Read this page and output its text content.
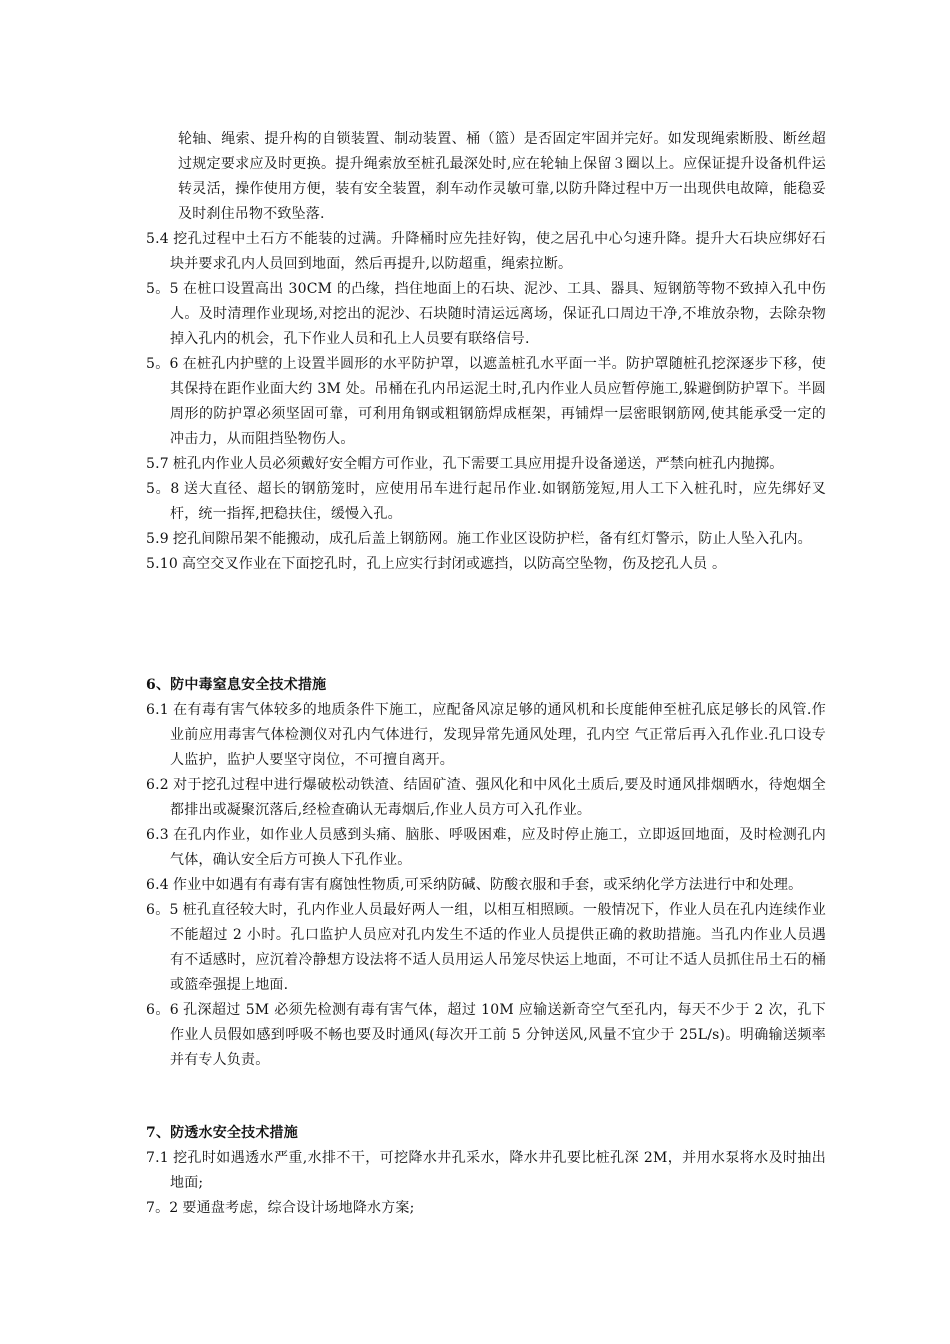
轮轴、绳索、提升构的自锁装置、制动装置、桶（篮）是否固定牢固并完好。如发现绳索断股、断丝超过规定要求应及时更换。提升绳索放至桩孔最深处时,应在轮轴上保留３圈以上。应保证提升设备机件运转灵活，操作使用方便，装有安全装置，刹车动作灵敏可靠,以防升降过程中万一出现供电故障，能稳妥及时刹住吊物不致坠落.
5.4 挖孔过程中土石方不能装的过满。升降桶时应先挂好钩，使之居孔中心匀速升降。提升大石块应绑好石块并要求孔内人员回到地面，然后再提升,以防超重，绳索拉断。
5。5 在桩口设置高出 30CM 的凸缘，挡住地面上的石块、泥沙、工具、器具、短钢筋等物不致掉入孔中伤人。及时清理作业现场,对挖出的泥沙、石块随时清运远离场，保证孔口周边干净,不堆放杂物，去除杂物掉入孔内的机会，孔下作业人员和孔上人员要有联络信号.
5。6 在桩孔内护壁的上设置半圆形的水平防护罩，以遮盖桩孔水平面一半。防护罩随桩孔挖深逐步下移，使其保持在距作业面大约 3M 处。吊桶在孔内吊运泥土时,孔内作业人员应暂停施工,躲避倒防护罩下。半圆周形的防护罩必须坚固可靠，可利用角钢或粗钢筋焊成框架，再铺焊一层密眼钢筋网,使其能承受一定的冲击力，从而阻挡坠物伤人。
5.7 桩孔内作业人员必须戴好安全帽方可作业，孔下需要工具应用提升设备递送，严禁向桩孔内抛掷。
5。8 送大直径、超长的钢筋笼时，应使用吊车进行起吊作业.如钢筋笼短,用人工下入桩孔时，应先绑好叉杆，统一指挥,把稳扶住，缓慢入孔。
5.9 挖孔间隙吊架不能搬动，成孔后盖上钢筋网。施工作业区设防护栏，备有红灯警示，防止人坠入孔内。
5.10 高空交叉作业在下面挖孔时，孔上应实行封闭或遮挡，以防高空坠物，伤及挖孔人员 。
6、防中毒窒息安全技术措施
6.1 在有毒有害气体较多的地质条件下施工，应配备风凉足够的通风机和长度能伸至桩孔底足够长的风管.作业前应用毒害气体检测仪对孔内气体进行，发现异常先通风处理，孔内空 气正常后再入孔作业.孔口设专人监护，监护人要坚守岗位，不可擅自离开。
6.2 对于挖孔过程中进行爆破松动铁渣、结固矿渣、强风化和中风化土质后,要及时通风排烟晒水，待炮烟全都排出或凝聚沉落后,经检查确认无毒烟后,作业人员方可入孔作业。
6.3 在孔内作业，如作业人员感到头痛、脑胀、呼吸困难，应及时停止施工，立即返回地面，及时检测孔内气体，确认安全后方可换人下孔作业。
6.4 作业中如遇有有毒有害有腐蚀性物质,可采纳防碱、防酸衣服和手套，或采纳化学方法进行中和处理。
6。5 桩孔直径较大时，孔内作业人员最好两人一组，以相互相照顾。一般情况下，作业人员在孔内连续作业不能超过 2 小时。孔口监护人员应对孔内发生不适的作业人员提供正确的救助措施。当孔内作业人员遇有不适感时，应沉着冷静想方设法将不适人员用运人吊笼尽快运上地面，不可让不适人员抓住吊土石的桶或篮牵强提上地面.
6。6 孔深超过 5M 必须先检测有毒有害气体，超过 10M 应输送新奇空气至孔内，每天不少于 2 次，孔下作业人员假如感到呼吸不畅也要及时通风(每次开工前 5 分钟送风,风量不宜少于 25L/s)。明确输送频率并有专人负责。
7、防透水安全技术措施
7.1 挖孔时如遇透水严重,水排不干，可挖降水井孔采水，降水井孔要比桩孔深 2M，并用水泵将水及时抽出地面;
7。2 要通盘考虑，综合设计场地降水方案;
